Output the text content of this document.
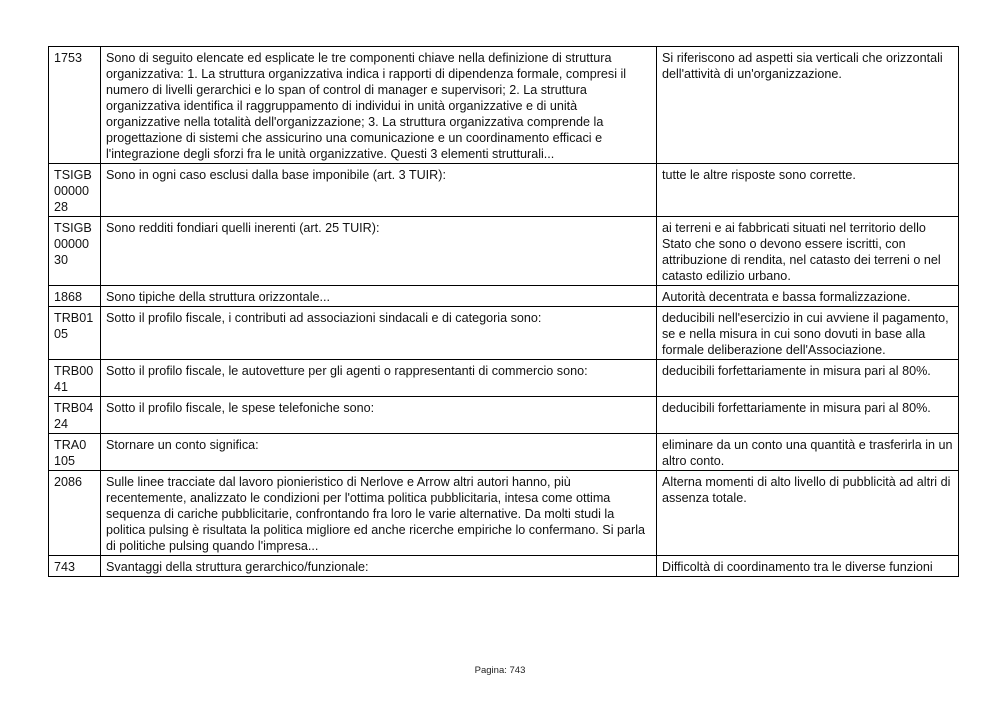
1753	Sono di seguito elencate ed esplicate le tre componenti chiave nella definizione di struttura organizzativa: 1. La struttura organizzativa indica i rapporti di dipendenza formale, compresi il numero di livelli gerarchici e lo span of control di manager e supervisori; 2. La struttura organizzativa identifica il raggruppamento di individui in unità organizzative e di unità organizzative nella totalità dell'organizzazione; 3. La struttura organizzativa comprende la progettazione di sistemi che assicurino una comunicazione e un coordinamento efficaci e l'integrazione degli sforzi fra le unità organizzative. Questi 3 elementi strutturali...	Si riferiscono ad aspetti sia verticali che orizzontali dell'attività di un'organizzazione.
TSIGB 00000 28	Sono in ogni caso esclusi dalla base imponibile (art. 3 TUIR):	tutte le altre risposte sono corrette.
TSIGB 00000 30	Sono redditi fondiari quelli inerenti (art. 25 TUIR):	ai terreni e ai fabbricati situati nel territorio dello Stato che sono o devono essere iscritti, con attribuzione di rendita, nel catasto dei terreni o nel catasto edilizio urbano.
1868	Sono tipiche della struttura orizzontale...	Autorità decentrata e bassa formalizzazione.
TRB01 05	Sotto il profilo fiscale, i contributi ad associazioni sindacali e di categoria sono:	deducibili nell'esercizio in cui avviene il pagamento, se e nella misura in cui sono dovuti in base alla formale deliberazione dell'Associazione.
TRB00 41	Sotto il profilo fiscale, le autovetture per gli agenti o rappresentanti di commercio sono:	deducibili forfettariamente in misura pari al 80%.
TRB04 24	Sotto il profilo fiscale, le spese telefoniche sono:	deducibili forfettariamente in misura pari al 80%.
TRA0 105	Stornare un conto significa:	eliminare da un conto una quantità e trasferirla in un altro conto.
2086	Sulle linee tracciate dal lavoro pionieristico di Nerlove e Arrow altri autori hanno, più recentemente, analizzato le condizioni per l'ottima politica pubblicitaria, intesa come ottima sequenza di cariche pubblicitarie, confrontando fra loro le varie alternative. Da molti studi la politica pulsing è risultata la politica migliore ed anche ricerche empiriche lo confermano. Si parla di politiche pulsing quando l'impresa...	Alterna momenti di alto livello di pubblicità ad altri di assenza totale.
743	Svantaggi della struttura gerarchico/funzionale:	Difficoltà di coordinamento tra le diverse funzioni
Pagina: 743
